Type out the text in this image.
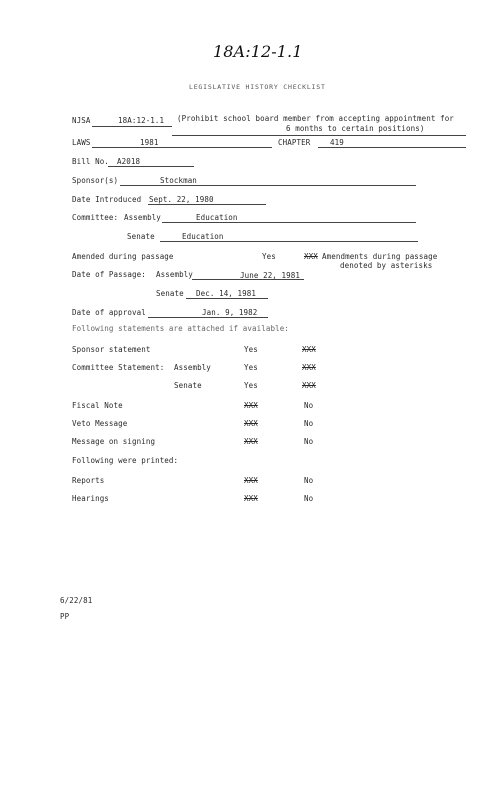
18A:12-1.1
LEGISLATIVE HISTORY CHECKLIST
NJSA	18A:12-1.1 (Prohibit school board member from accepting appointment for
6 months to certain positions)
LAWS	1981	CHAPTER	419
Bill No. A2018
Sponsor(s)	Stockman
Date Introduced Sept. 22, 1980
Committee: Assembly	Education
Senate	Education
Amended during passage	Yes	XXX Amendments during passage
denoted by asterisks
Date of Passage: Assembly	June 22, 1981
Senate Dec. 14, 1981
Date of approval	Jan. 9, 1982
Following statements are attached if available:
Sponsor statement	Yes	XXX
Committee Statement: Assembly	Yes	XXX
Senate	Yes	XXX
Fiscal Note	XXX	No
Veto Message	XXX	No
Message on signing	XXX	No
Following were printed:
Reports	XXX	No
Hearings	XXX	No
6/22/81
PP
